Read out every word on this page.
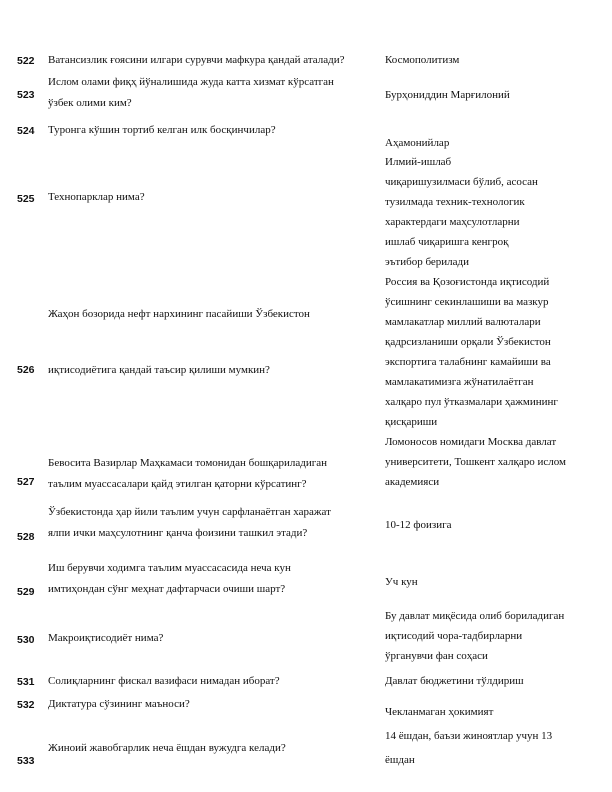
522 Ватансизлик ғоясини илгари сурувчи мафкура қандай аталади?	Космополитизм
523
Ислом олами фиқҳ йўналишида жуда катта хизмат кўрсатган
ўзбек олими ким?
Бурҳониддин Марғилоний
524 Туронга кўшин тортиб келган илк босқинчилар?
Аҳамонийлар
525 Технопарклар нима?
Илмий-ишлаб
чиқаришузилмаси бўлиб, асосан
тузилмада техник-технологик
характердаги маҳсулотларни
ишлаб чиқаришга кенгроқ
эътибор берилади
526
Жаҳон бозорида нефт нархининг пасайиши Ўзбекистон
иқтисодиётига қандай таъсир қилиши мумкин?
Россия ва Қозоғистонда иқтисодий
ўсишнинг секинлашиши ва мазкур
мамлакатлар миллий валюталари
қадрсизланиши орқали Ўзбекистон
экспортига талабнинг камайиши ва
мамлакатимизга жўнатилаётган
халқаро пул ўтказмалари ҳажмининг
қисқариши
527
Бевосита Вазирлар Маҳкамаси томонидан бошқариладиган
таълим муассасалари қайд этилган қаторни кўрсатинг?
Ломоносов номидаги Москва давлат
университети, Тошкент халқаро ислом
академияси
528
Ўзбекистонда ҳар йили таълим учун сарфланаётган харажат
ялпи ички маҳсулотнинг қанча фоизини ташкил этади?
10-12 фоизига
529
Иш берувчи ходимга таълим муассасасида неча кун
имтиҳондан сўнг меҳнат дафтарчаси очиши шарт?
Уч кун
530 Макроиқтисодиёт нима?
Бу давлат миқёсида олиб бориладиган
иқтисодий чора-тадбирларни
ўрганувчи фан соҳаси
531 Солиқларнинг фискал вазифаси нимадан иборат?	Давлат бюджетини тўлдириш
532 Диктатура сўзининг маъноси?
Чекланмаган ҳокимият
533
Жиноий жавобгарлик неча ёшдан вужудга келади?
14 ёшдан, баъзи жиноятлар учун 13
ёшдан
